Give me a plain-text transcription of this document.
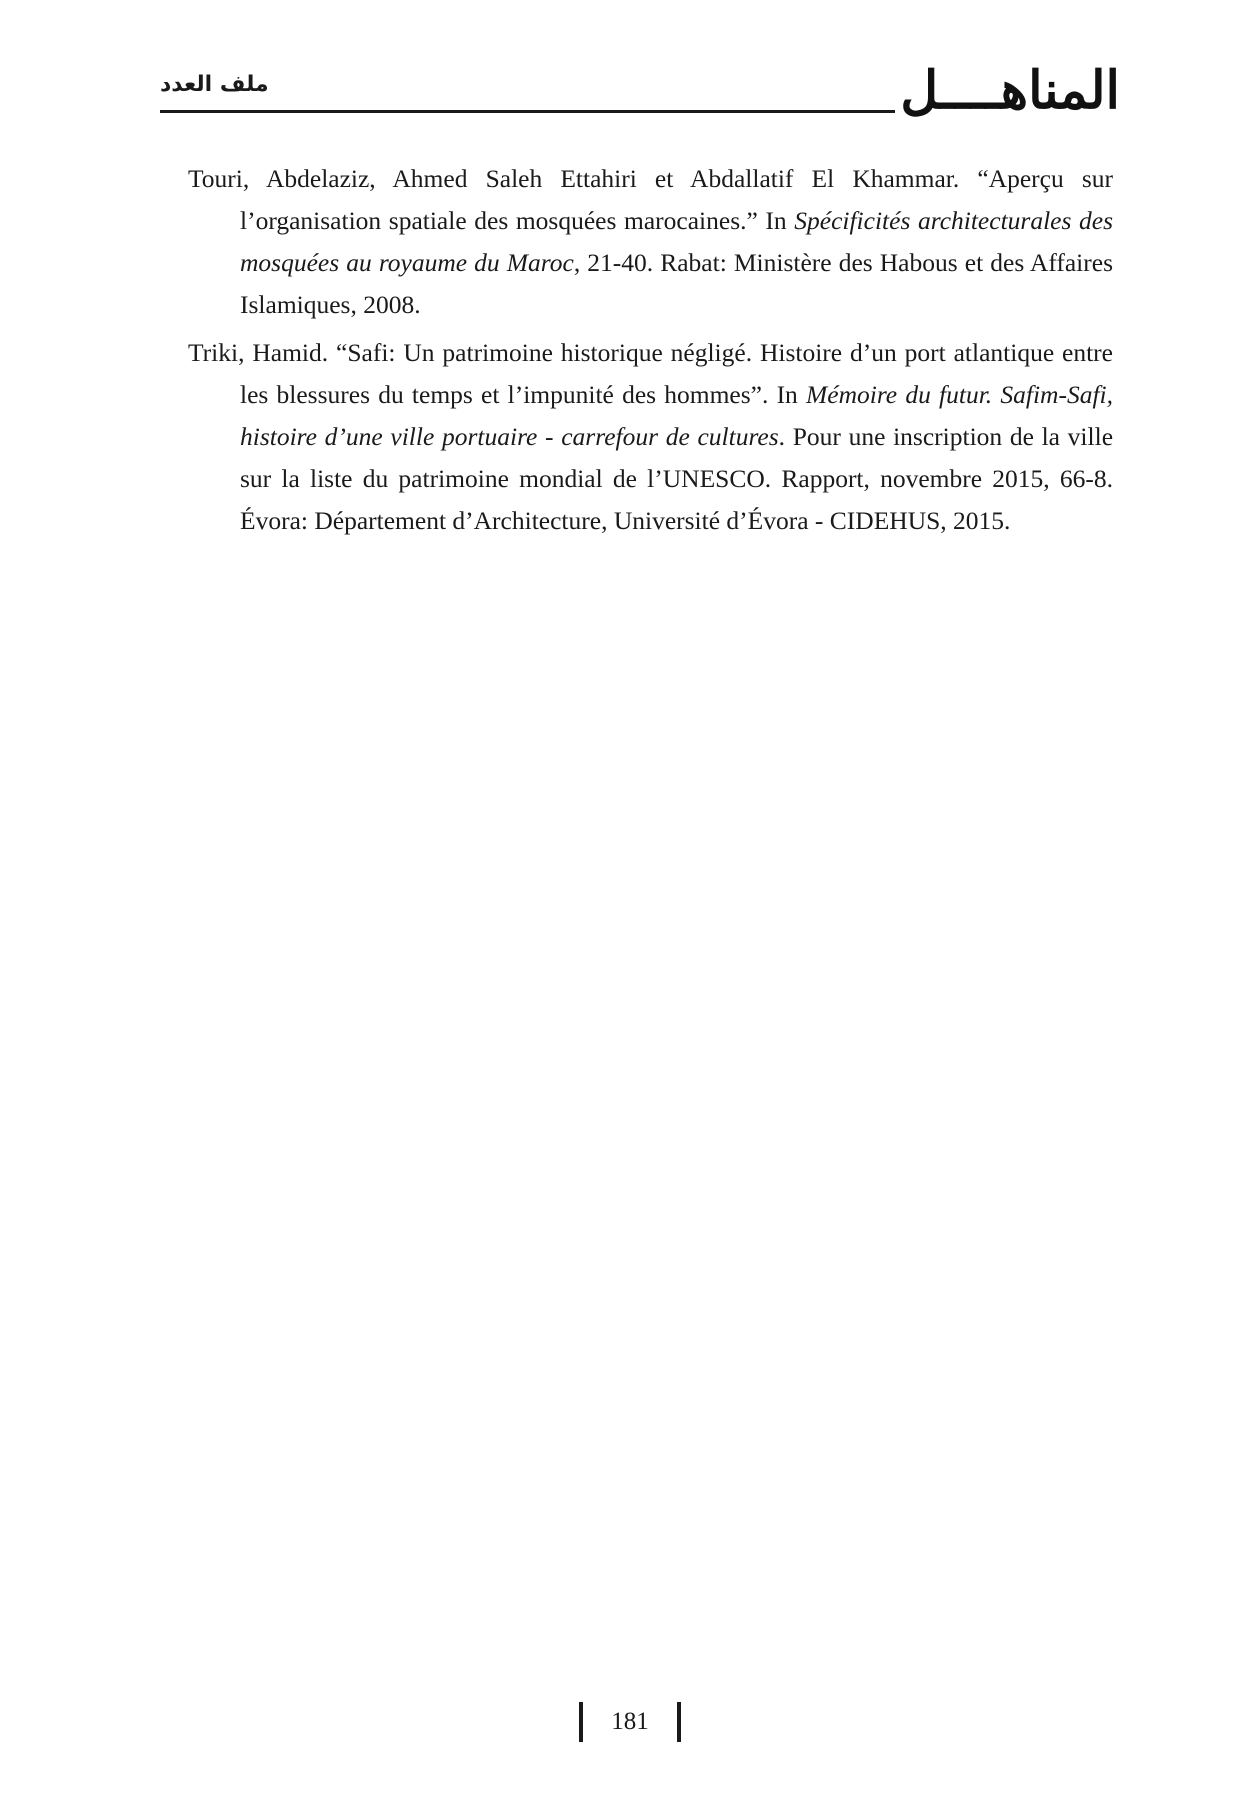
ملف العدد	المناهــــل

Touri, Abdelaziz, Ahmed Saleh Ettahiri et Abdallatif El Khammar. “Aperçu sur l’organisation spatiale des mosquées marocaines.” In Spécificités architecturales des mosquées au royaume du Maroc, 21-40. Rabat: Ministère des Habous et des Affaires Islamiques, 2008.

Triki, Hamid. “Safi: Un patrimoine historique négligé. Histoire d’un port atlantique entre les blessures du temps et l’impunité des hommes”. In Mémoire du futur. Safim-Safi, histoire d’une ville portuaire - carrefour de cultures. Pour une inscription de la ville sur la liste du patrimoine mondial de l’UNESCO. Rapport, novembre 2015, 66-8. Évora: Département d’Architecture, Université d’Évora - CIDEHUS, 2015.

181
